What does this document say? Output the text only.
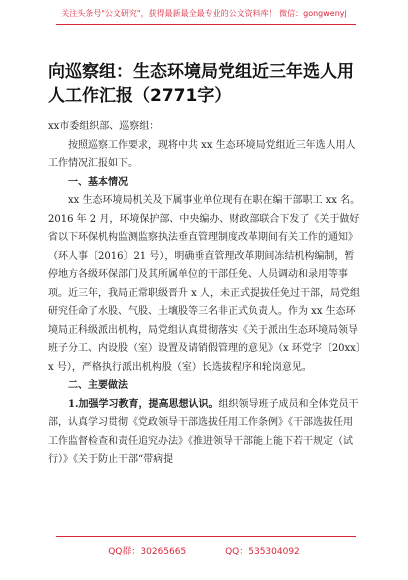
关注头条号"公文研究"，获得最新最全最专业的公文资料库！ 微信：gongwenyj
向巡察组：生态环境局党组近三年选人用人工作汇报（2771字）

xx市委组织部、巡察组：

按照巡察工作要求，现将中共 xx 生态环境局党组近三年选人用人工作情况汇报如下。

一、基本情况

xx 生态环境局机关及下属事业单位现有在职在编干部职工 xx 名。2016 年 2 月，环境保护部、中央编办、财政部联合下发了《关于做好省以下环保机构监测监察执法垂直管理制度改革期间有关工作的通知》（环人事〔2016〕21 号），明确垂直管理改革期间冻结机构编制，暂停地方各级环保部门及其所属单位的干部任免、人员调动和录用等事项。近三年，我局正常职级晋升 x 人，未正式提拔任免过干部，局党组研究任命了水股、气股、土壤股等三名非正式负责人。作为 xx 生态环境局正科级派出机构，局党组认真贯彻落实《关于派出生态环境局领导班子分工、内设股（室）设置及请销假管理的意见》（x 环党字〔20xx〕x 号），严格执行派出机构股（室）长选拔程序和轮岗意见。

二、主要做法

1.加强学习教育，提高思想认识。组织领导班子成员和全体党员干部，认真学习贯彻《党政领导干部选拔任用工作条例》《干部选拔任用工作监督检查和责任追究办法》《推进领导干部能上能下若干规定（试行）》《关于防止干部“带病提

QQ群：30265665	QQ：535304092
